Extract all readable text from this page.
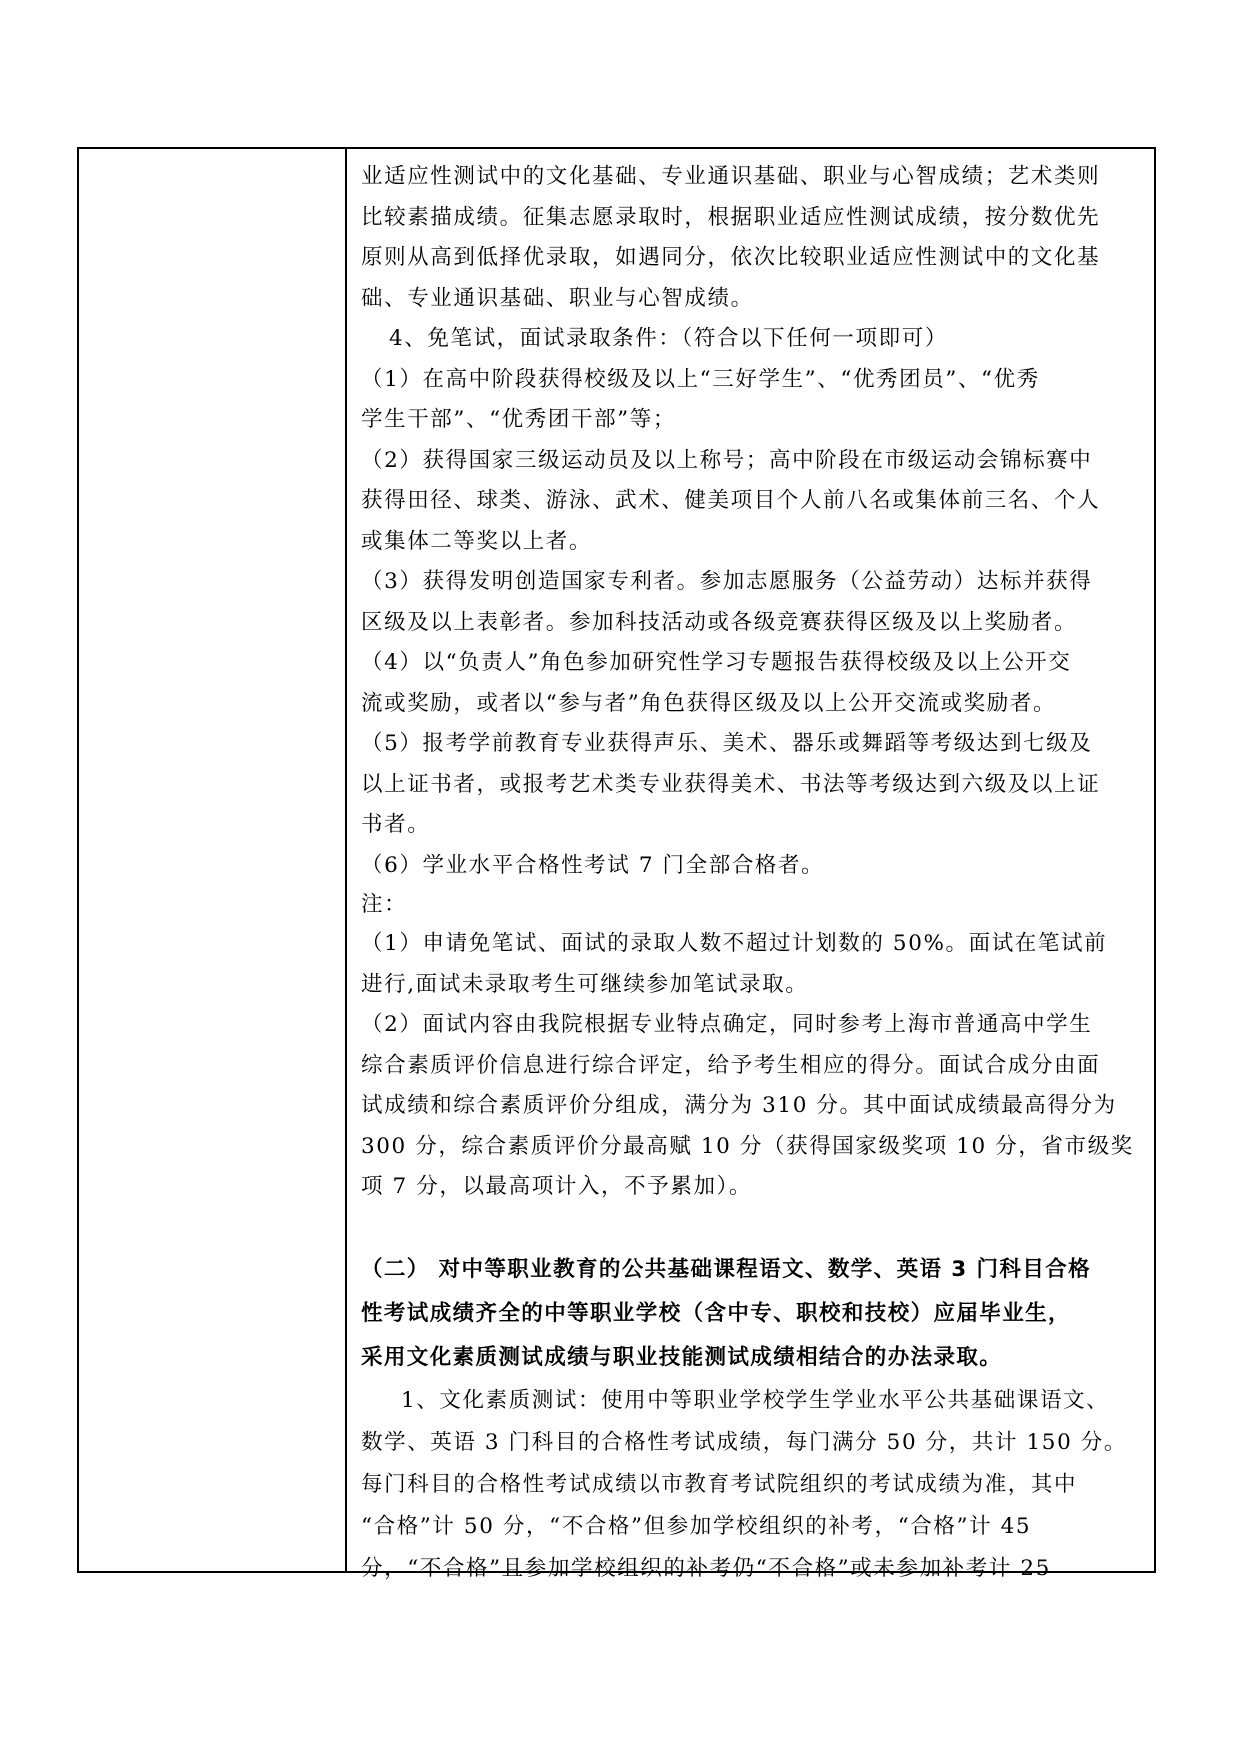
业适应性测试中的文化基础、专业通识基础、职业与心智成绩；艺术类则
比较素描成绩。征集志愿录取时，根据职业适应性测试成绩，按分数优先
原则从高到低择优录取，如遇同分，依次比较职业适应性测试中的文化基
础、专业通识基础、职业与心智成绩。
4、免笔试，面试录取条件：（符合以下任何一项即可）
（1）在高中阶段获得校级及以上“三好学生”、“优秀团员”、“优秀
学生干部”、“优秀团干部”等；
（2）获得国家三级运动员及以上称号；高中阶段在市级运动会锦标赛中
获得田径、球类、游泳、武术、健美项目个人前八名或集体前三名、个人
或集体二等奖以上者。
（3）获得发明创造国家专利者。参加志愿服务（公益劳动）达标并获得
区级及以上表彰者。参加科技活动或各级竞赛获得区级及以上奖励者。
（4）以“负责人”角色参加研究性学习专题报告获得校级及以上公开交
流或奖励，或者以“参与者”角色获得区级及以上公开交流或奖励者。
（5）报考学前教育专业获得声乐、美术、器乐或舞蹈等考级达到七级及
以上证书者，或报考艺术类专业获得美术、书法等考级达到六级及以上证
书者。
（6）学业水平合格性考试 7 门全部合格者。
注：
（1）申请免笔试、面试的录取人数不超过计划数的 50%。面试在笔试前
进行,面试未录取考生可继续参加笔试录取。
（2）面试内容由我院根据专业特点确定，同时参考上海市普通高中学生
综合素质评价信息进行综合评定，给予考生相应的得分。面试合成分由面
试成绩和综合素质评价分组成，满分为 310 分。其中面试成绩最高得分为
300 分，综合素质评价分最高赋 10 分（获得国家级奖项 10 分，省市级奖
项 7 分，以最高项计入，不予累加）。
（二） 对中等职业教育的公共基础课程语文、数学、英语 3 门科目合格
性考试成绩齐全的中等职业学校（含中专、职校和技校）应届毕业生，
采用文化素质测试成绩与职业技能测试成绩相结合的办法录取。
1、文化素质测试：使用中等职业学校学生学业水平公共基础课语文、
数学、英语 3 门科目的合格性考试成绩，每门满分 50 分，共计 150 分。
每门科目的合格性考试成绩以市教育考试院组织的考试成绩为准，其中
“合格”计 50 分，“不合格”但参加学校组织的补考，“合格”计 45
分，“不合格”且参加学校组织的补考仍“不合格”或未参加补考计 25
